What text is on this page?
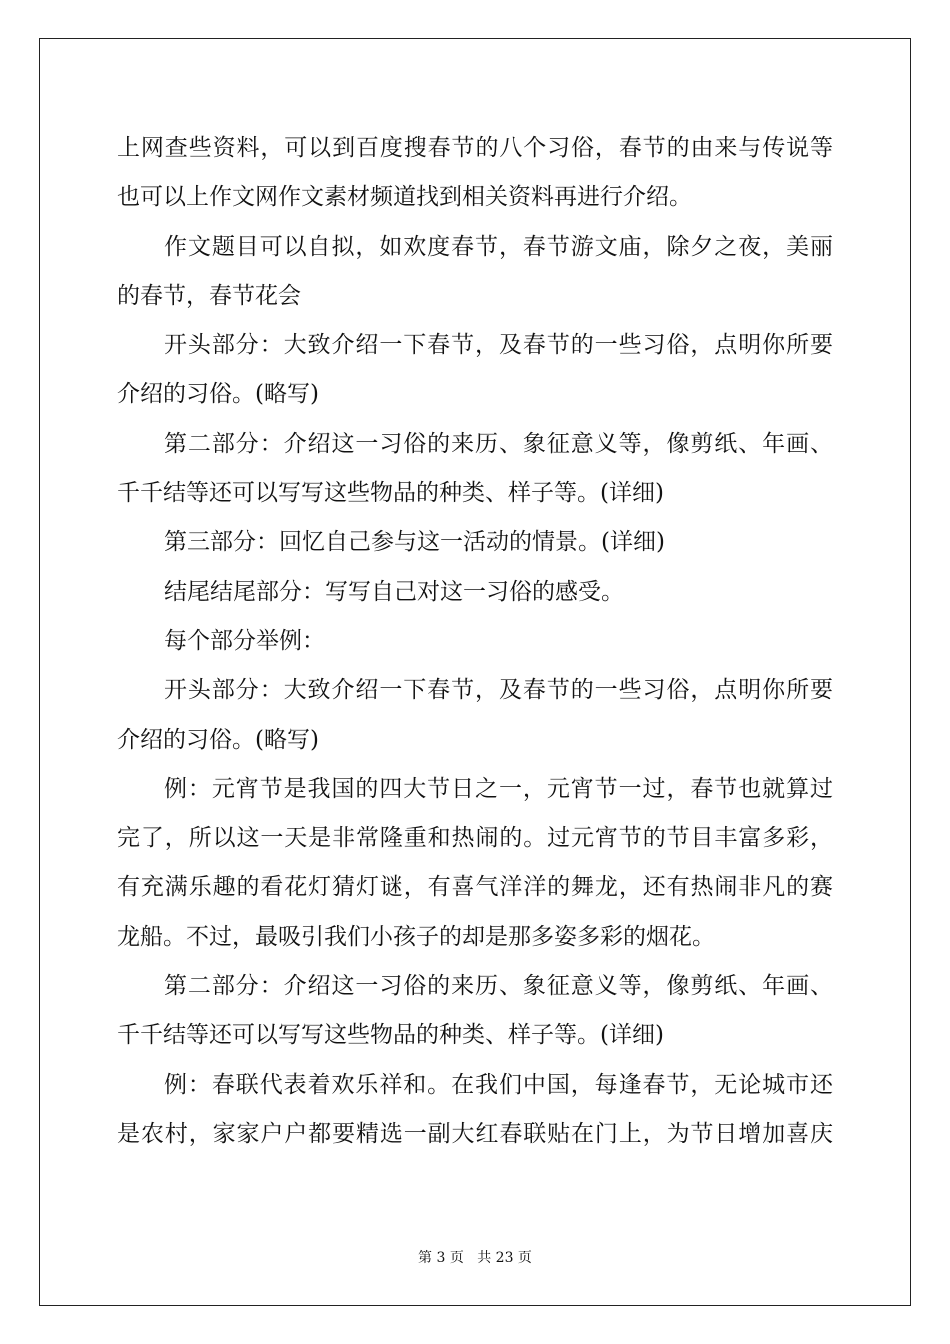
上网查些资料，可以到百度搜春节的八个习俗，春节的由来与传说等
也可以上作文网作文素材频道找到相关资料再进行介绍。
作文题目可以自拟，如欢度春节，春节游文庙，除夕之夜，美丽
的春节，春节花会
开头部分：大致介绍一下春节，及春节的一些习俗，点明你所要
介绍的习俗。(略写)
第二部分：介绍这一习俗的来历、象征意义等，像剪纸、年画、
千千结等还可以写写这些物品的种类、样子等。(详细)
第三部分：回忆自己参与这一活动的情景。(详细)
结尾结尾部分：写写自己对这一习俗的感受。
每个部分举例：
开头部分：大致介绍一下春节，及春节的一些习俗，点明你所要
介绍的习俗。(略写)
例：元宵节是我国的四大节日之一，元宵节一过，春节也就算过
完了，所以这一天是非常隆重和热闹的。过元宵节的节目丰富多彩，
有充满乐趣的看花灯猜灯谜，有喜气洋洋的舞龙，还有热闹非凡的赛
龙船。不过，最吸引我们小孩子的却是那多姿多彩的烟花。
第二部分：介绍这一习俗的来历、象征意义等，像剪纸、年画、
千千结等还可以写写这些物品的种类、样子等。(详细)
例：春联代表着欢乐祥和。在我们中国，每逢春节，无论城市还
是农村，家家户户都要精选一副大红春联贴在门上，为节日增加喜庆
第 3 页 共 23 页
